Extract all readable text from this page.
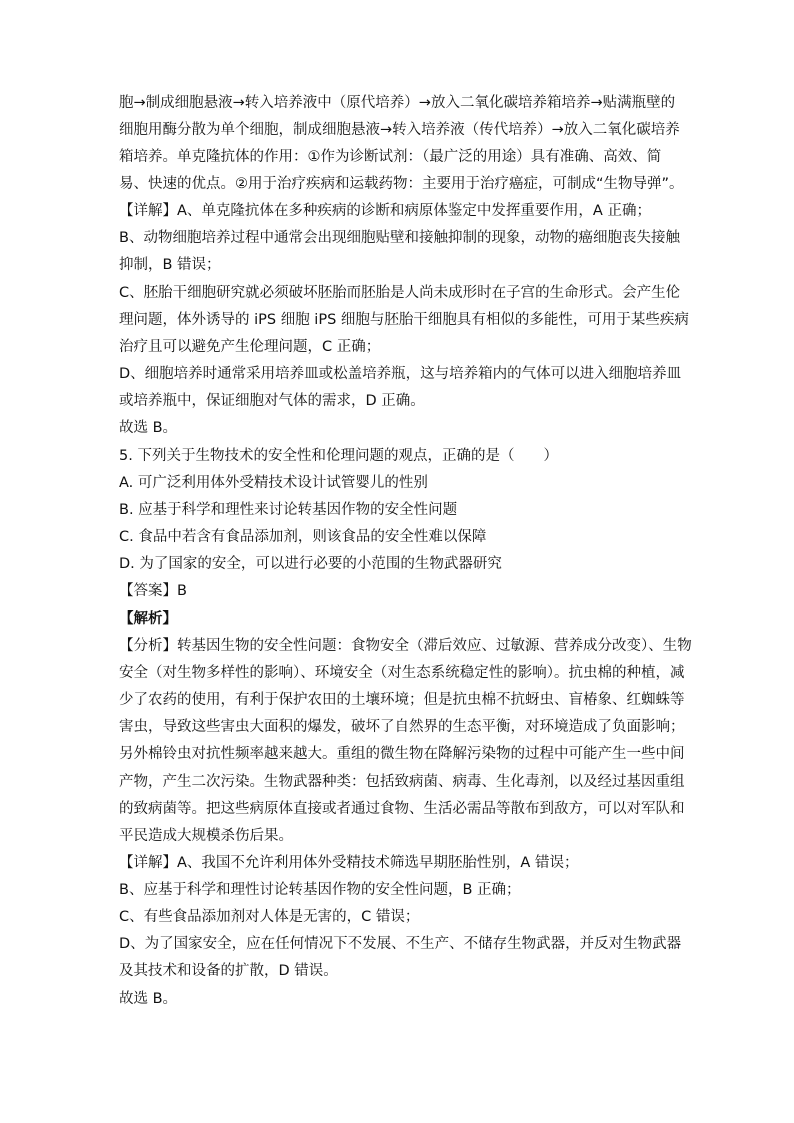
胞→制成细胞悬液→转入培养液中（原代培养）→放入二氧化碳培养箱培养→贴满瓶壁的
细胞用酶分散为单个细胞，制成细胞悬液→转入培养液（传代培养）→放入二氧化碳培养
箱培养。单克隆抗体的作用：①作为诊断试剂：（最广泛的用途）具有准确、高效、简
易、快速的优点。②用于治疗疾病和运载药物：主要用于治疗癌症，可制成“生物导弹”。
【详解】A、单克隆抗体在多种疾病的诊断和病原体鉴定中发挥重要作用，A 正确；
B、动物细胞培养过程中通常会出现细胞贴壁和接触抑制的现象，动物的癌细胞丧失接触
抑制，B 错误；
C、胚胎干细胞研究就必须破坏胚胎而胚胎是人尚未成形时在子宫的生命形式。会产生伦
理问题，体外诱导的 iPS 细胞 iPS 细胞与胚胎干细胞具有相似的多能性，可用于某些疾病
治疗且可以避免产生伦理问题，C 正确；
D、细胞培养时通常采用培养皿或松盖培养瓶，这与培养箱内的气体可以进入细胞培养皿
或培养瓶中，保证细胞对气体的需求，D 正确。
故选 B。
5. 下列关于生物技术的安全性和伦理问题的观点，正确的是（　　）
A. 可广泛利用体外受精技术设计试管婴儿的性别
B. 应基于科学和理性来讨论转基因作物的安全性问题
C. 食品中若含有食品添加剂，则该食品的安全性难以保障
D. 为了国家的安全，可以进行必要的小范围的生物武器研究
【答案】B
【解析】
【分析】转基因生物的安全性问题：食物安全（滞后效应、过敏源、营养成分改变）、生物
安全（对生物多样性的影响）、环境安全（对生态系统稳定性的影响）。抗虫棉的种植，减
少了农药的使用，有利于保护农田的土壤环境；但是抗虫棉不抗蚜虫、盲椿象、红蜘蛛等
害虫，导致这些害虫大面积的爆发，破坏了自然界的生态平衡，对环境造成了负面影响；
另外棉铃虫对抗性频率越来越大。重组的微生物在降解污染物的过程中可能产生一些中间
产物，产生二次污染。生物武器种类：包括致病菌、病毒、生化毒剂，以及经过基因重组
的致病菌等。把这些病原体直接或者通过食物、生活必需品等散布到敌方，可以对军队和
平民造成大规模杀伤后果。
【详解】A、我国不允许利用体外受精技术筛选早期胚胎性别，A 错误；
B、应基于科学和理性讨论转基因作物的安全性问题，B 正确；
C、有些食品添加剂对人体是无害的，C 错误；
D、为了国家安全，应在任何情况下不发展、不生产、不储存生物武器，并反对生物武器
及其技术和设备的扩散，D 错误。
故选 B。
